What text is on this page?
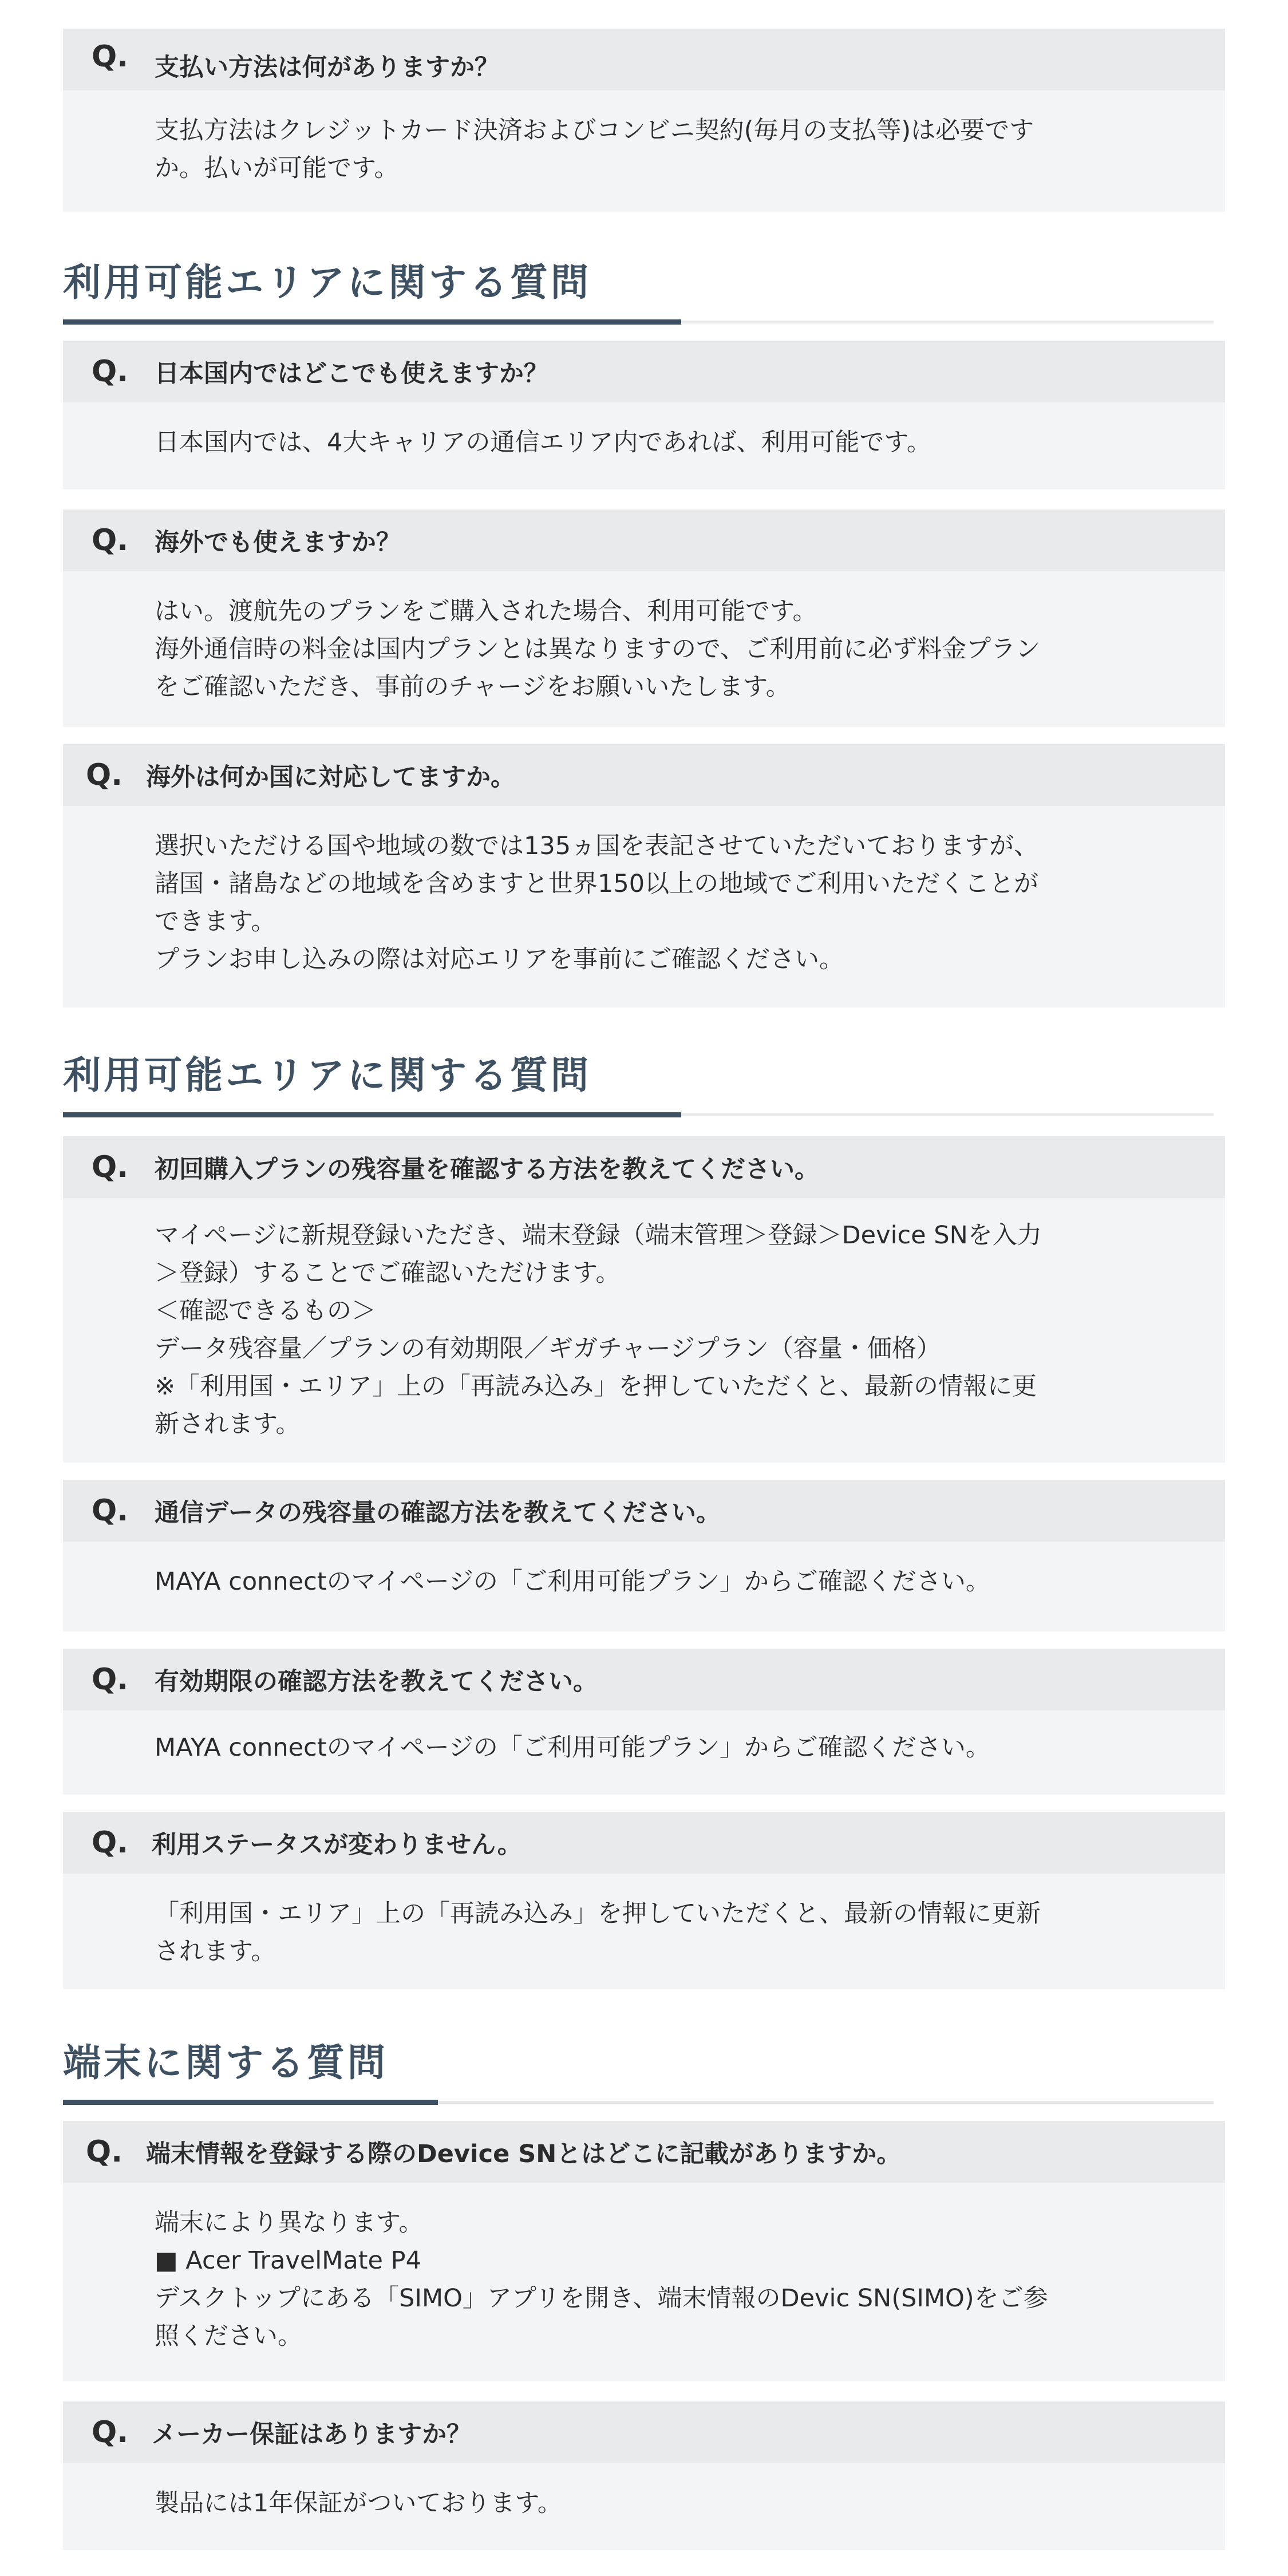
Q. 支払い方法は何がありますか？
支払方法はクレジットカード決済およびコンビニ契約(毎月の支払等)は必要です
か。払いが可能です。
利用可能エリアに関する質問
Q. 日本国内ではどこでも使えますか？
日本国内では、4大キャリアの通信エリア内であれば、利用可能です。
Q. 海外でも使えますか？
はい。渡航先のプランをご購入された場合、利用可能です。
海外通信時の料金は国内プランとは異なりますので、ご利用前に必ず料金プラン
をご確認いただき、事前のチャージをお願いいたします。
Q. 海外は何か国に対応してますか。
選択いただける国や地域の数では135ヵ国を表記させていただいておりますが、
諸国・諸島などの地域を含めますと世界150以上の地域でご利用いただくことが
できます。
プランお申し込みの際は対応エリアを事前にご確認ください。
利用可能エリアに関する質問
Q. 初回購入プランの残容量を確認する方法を教えてください。
マイページに新規登録いただき、端末登録（端末管理＞登録＞Device SNを入力
＞登録）することでご確認いただけます。
＜確認できるもの＞
データ残容量／プランの有効期限／ギガチャージプラン（容量・価格）
※「利用国・エリア」上の「再読み込み」を押していただくと、最新の情報に更
新されます。
Q. 通信データの残容量の確認方法を教えてください。
MAYA connectのマイページの「ご利用可能プラン」からご確認ください。
Q. 有効期限の確認方法を教えてください。
MAYA connectのマイページの「ご利用可能プラン」からご確認ください。
Q. 利用ステータスが変わりません。
「利用国・エリア」上の「再読み込み」を押していただくと、最新の情報に更新
されます。
端末に関する質問
Q. 端末情報を登録する際のDevice SNとはどこに記載がありますか。
端末により異なります。
■ Acer TravelMate P4
デスクトップにある「SIMO」アプリを開き、端末情報のDevic SN(SIMO)をご参
照ください。
Q. メーカー保証はありますか？
製品には1年保証がついております。
